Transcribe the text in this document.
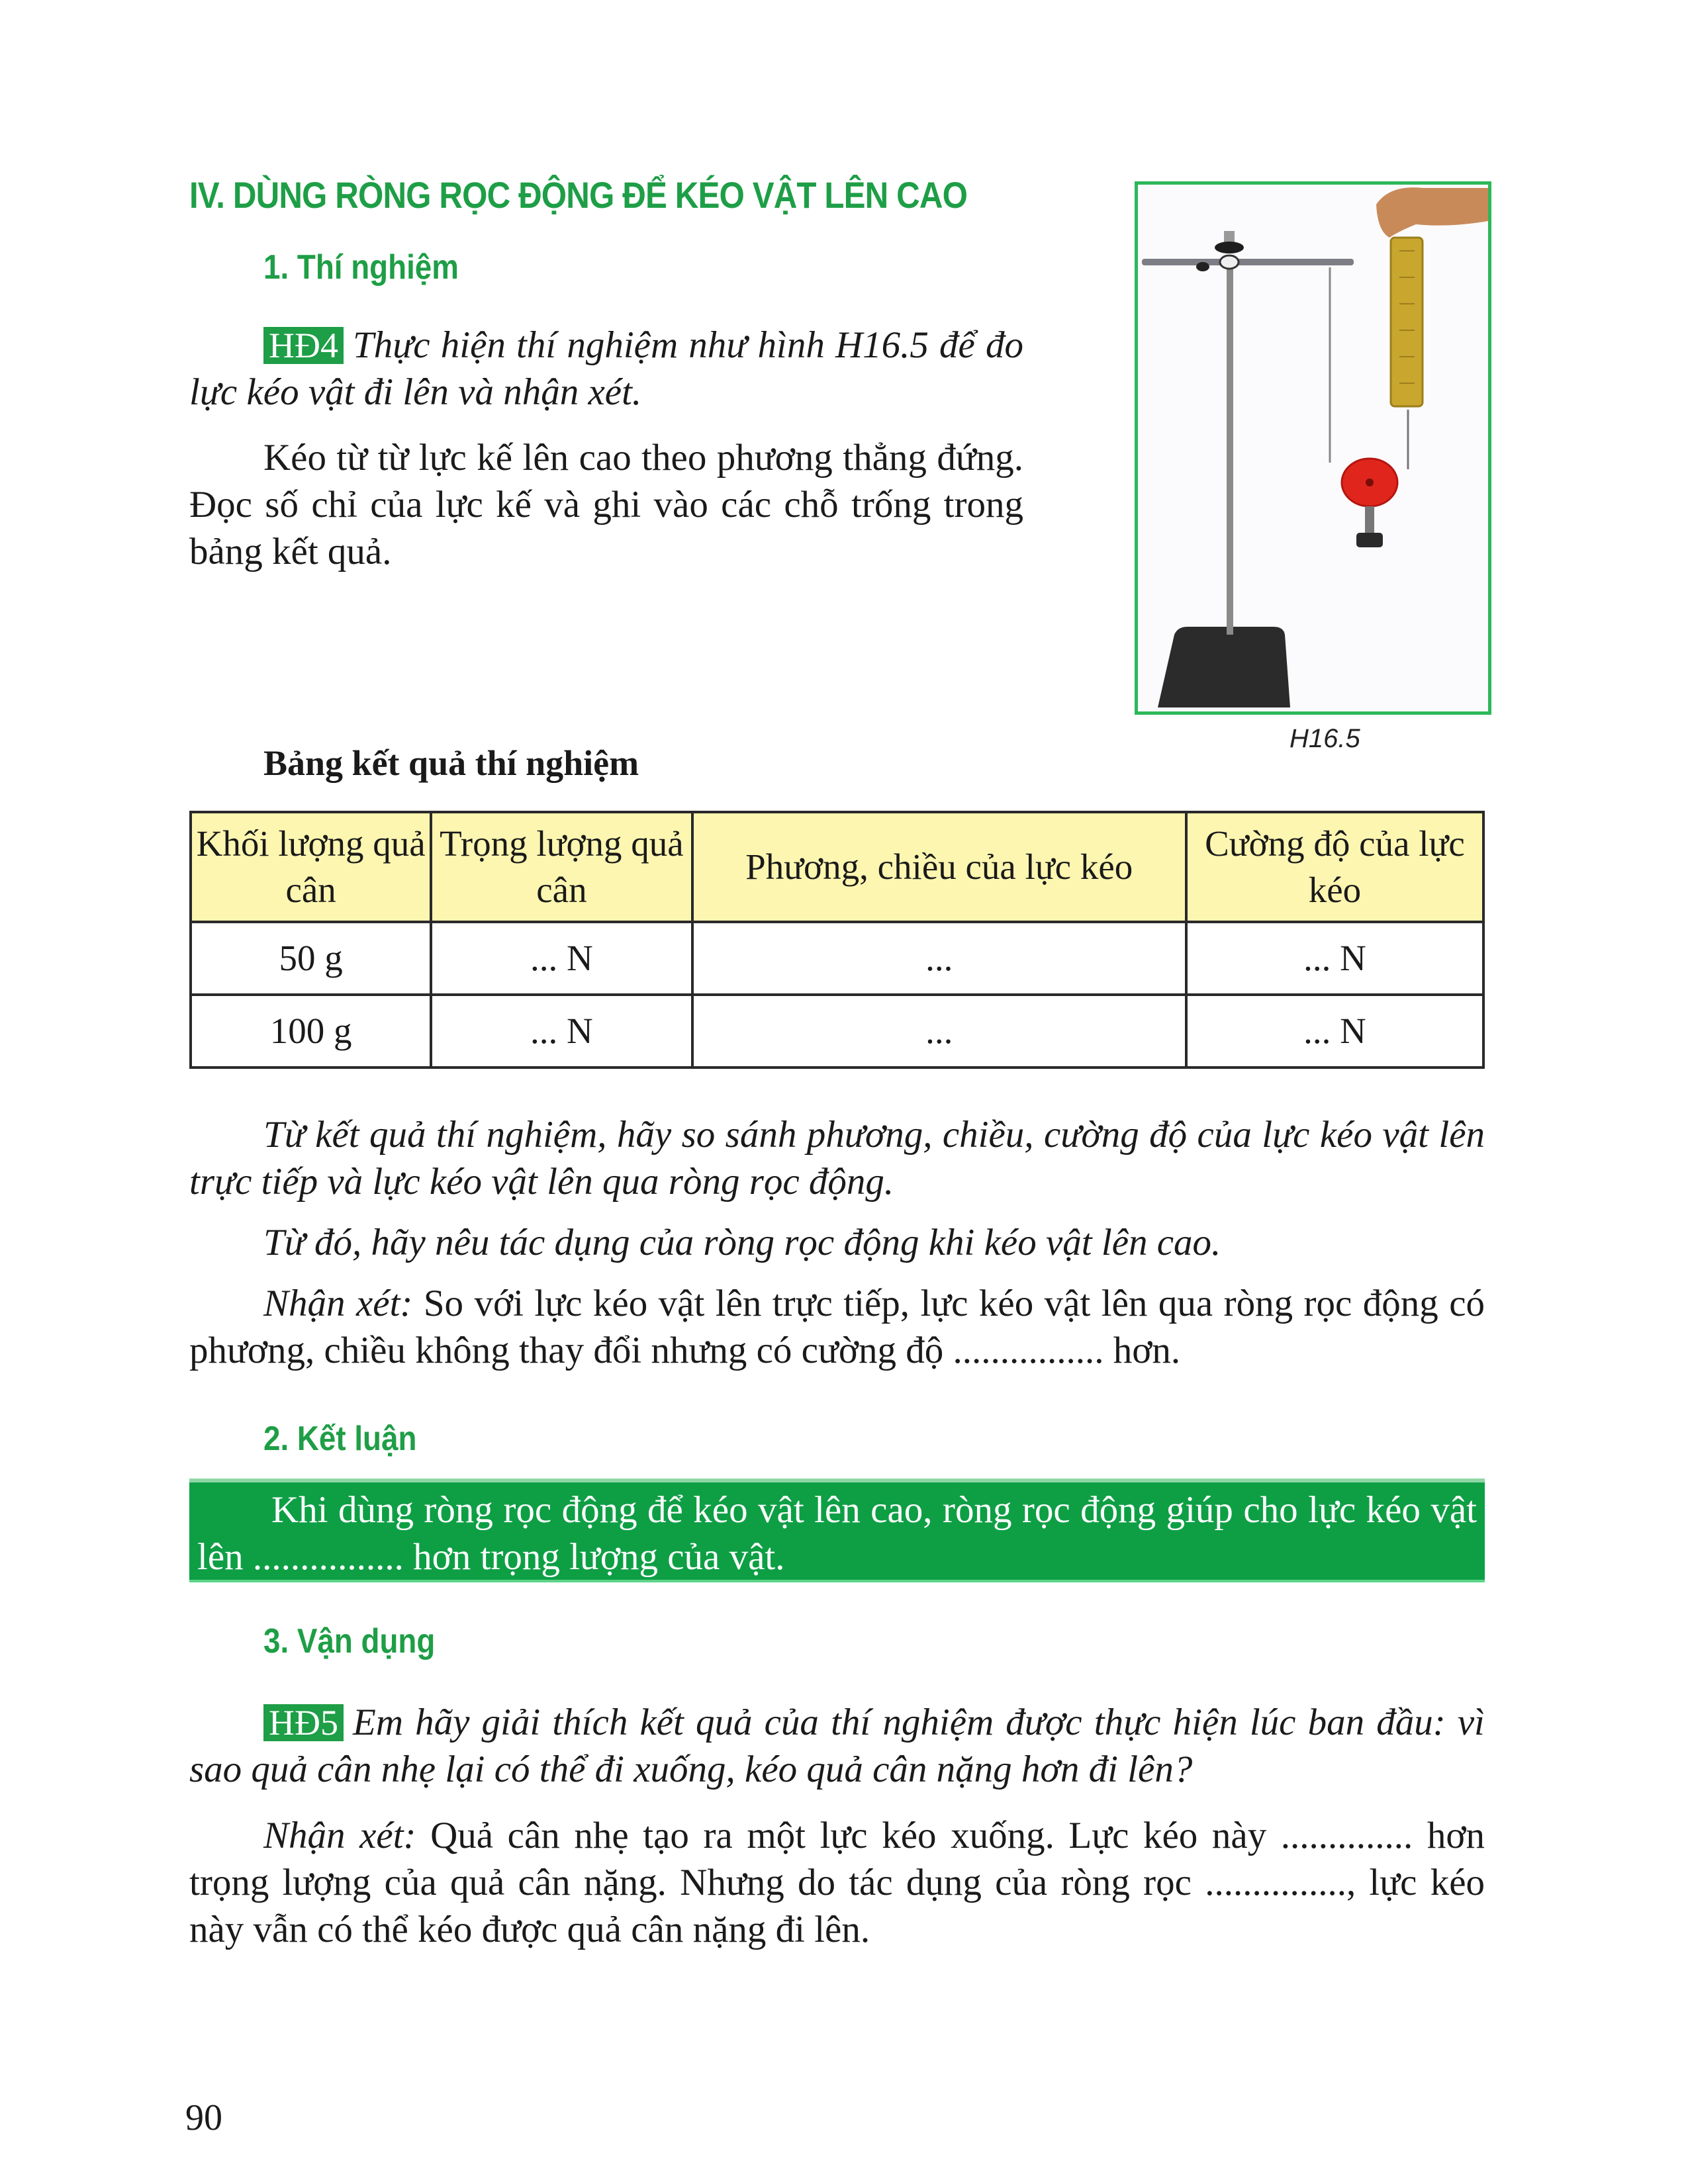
IV. DÙNG RÒNG RỌC ĐỘNG ĐỂ KÉO VẬT LÊN CAO
1. Thí nghiệm

HĐ4 Thực hiện thí nghiệm như hình H16.5 để đo lực kéo vật đi lên và nhận xét.

Kéo từ từ lực kế lên cao theo phương thẳng đứng. Đọc số chỉ của lực kế và ghi vào các chỗ trống trong bảng kết quả.

H16.5
Bảng kết quả thí nghiệm
Khối lượng quả cân	Trọng lượng quả cân	Phương, chiều của lực kéo	Cường độ của lực kéo
50 g	... N	...	... N
100 g	... N	...	... N

Từ kết quả thí nghiệm, hãy so sánh phương, chiều, cường độ của lực kéo vật lên trực tiếp và lực kéo vật lên qua ròng rọc động.

Từ đó, hãy nêu tác dụng của ròng rọc động khi kéo vật lên cao.

Nhận xét: So với lực kéo vật lên trực tiếp, lực kéo vật lên qua ròng rọc động có phương, chiều không thay đổi nhưng có cường độ ................ hơn.

2. Kết luận

Khi dùng ròng rọc động để kéo vật lên cao, ròng rọc động giúp cho lực kéo vật lên ................ hơn trọng lượng của vật.

3. Vận dụng

HĐ5 Em hãy giải thích kết quả của thí nghiệm được thực hiện lúc ban đầu: vì sao quả cân nhẹ lại có thể đi xuống, kéo quả cân nặng hơn đi lên?

Nhận xét: Quả cân nhẹ tạo ra một lực kéo xuống. Lực kéo này .............. hơn trọng lượng của quả cân nặng. Nhưng do tác dụng của ròng rọc ..............., lực kéo này vẫn có thể kéo được quả cân nặng đi lên.

90
